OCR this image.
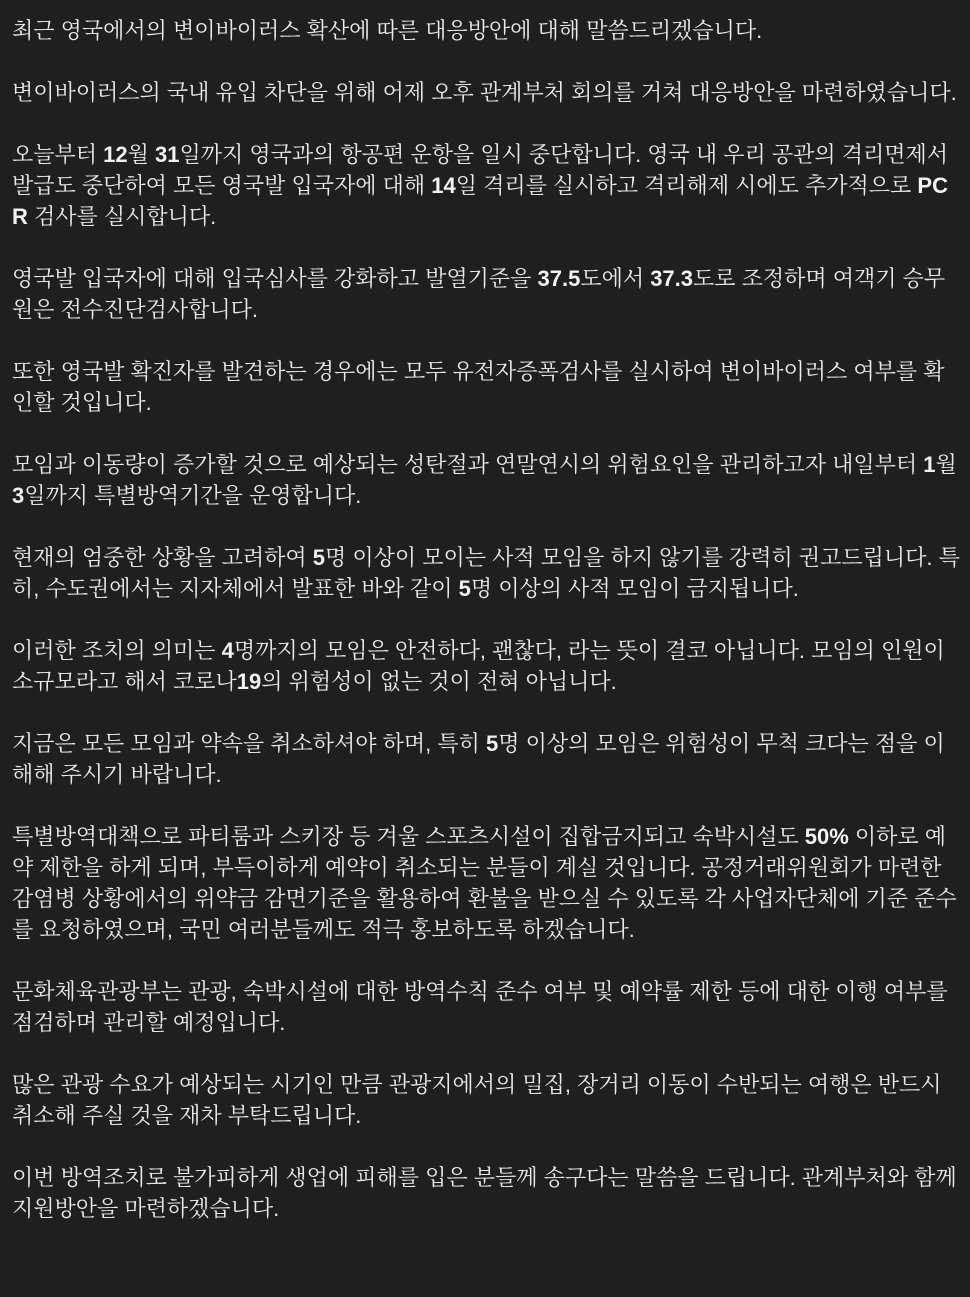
최근 영국에서의 변이바이러스 확산에 따른 대응방안에 대해 말씀드리겠습니다.

변이바이러스의 국내 유입 차단을 위해 어제 오후 관계부처 회의를 거쳐 대응방안을 마련하였습니다.

오늘부터 12월 31일까지 영국과의 항공편 운항을 일시 중단합니다. 영국 내 우리 공관의 격리면제서 발급도 중단하여 모든 영국발 입국자에 대해 14일 격리를 실시하고 격리해제 시에도 추가적으로 PCR 검사를 실시합니다.

영국발 입국자에 대해 입국심사를 강화하고 발열기준을 37.5도에서 37.3도로 조정하며 여객기 승무원은 전수진단검사합니다.

또한 영국발 확진자를 발견하는 경우에는 모두 유전자증폭검사를 실시하여 변이바이러스 여부를 확인할 것입니다.

모임과 이동량이 증가할 것으로 예상되는 성탄절과 연말연시의 위험요인을 관리하고자 내일부터 1월 3일까지 특별방역기간을 운영합니다.

현재의 엄중한 상황을 고려하여 5명 이상이 모이는 사적 모임을 하지 않기를 강력히 권고드립니다. 특히, 수도권에서는 지자체에서 발표한 바와 같이 5명 이상의 사적 모임이 금지됩니다.

이러한 조치의 의미는 4명까지의 모임은 안전하다, 괜찮다, 라는 뜻이 결코 아닙니다. 모임의 인원이 소규모라고 해서 코로나19의 위험성이 없는 것이 전혀 아닙니다.

지금은 모든 모임과 약속을 취소하셔야 하며, 특히 5명 이상의 모임은 위험성이 무척 크다는 점을 이해해 주시기 바랍니다.

특별방역대책으로 파티룸과 스키장 등 겨울 스포츠시설이 집합금지되고 숙박시설도 50% 이하로 예약 제한을 하게 되며, 부득이하게 예약이 취소되는 분들이 계실 것입니다. 공정거래위원회가 마련한 감염병 상황에서의 위약금 감면기준을 활용하여 환불을 받으실 수 있도록 각 사업자단체에 기준 준수를 요청하였으며, 국민 여러분들께도 적극 홍보하도록 하겠습니다.

문화체육관광부는 관광, 숙박시설에 대한 방역수칙 준수 여부 및 예약률 제한 등에 대한 이행 여부를 점검하며 관리할 예정입니다.

많은 관광 수요가 예상되는 시기인 만큼 관광지에서의 밀집, 장거리 이동이 수반되는 여행은 반드시 취소해 주실 것을 재차 부탁드립니다.

이번 방역조치로 불가피하게 생업에 피해를 입은 분들께 송구다는 말씀을 드립니다. 관계부처와 함께 지원방안을 마련하겠습니다.
